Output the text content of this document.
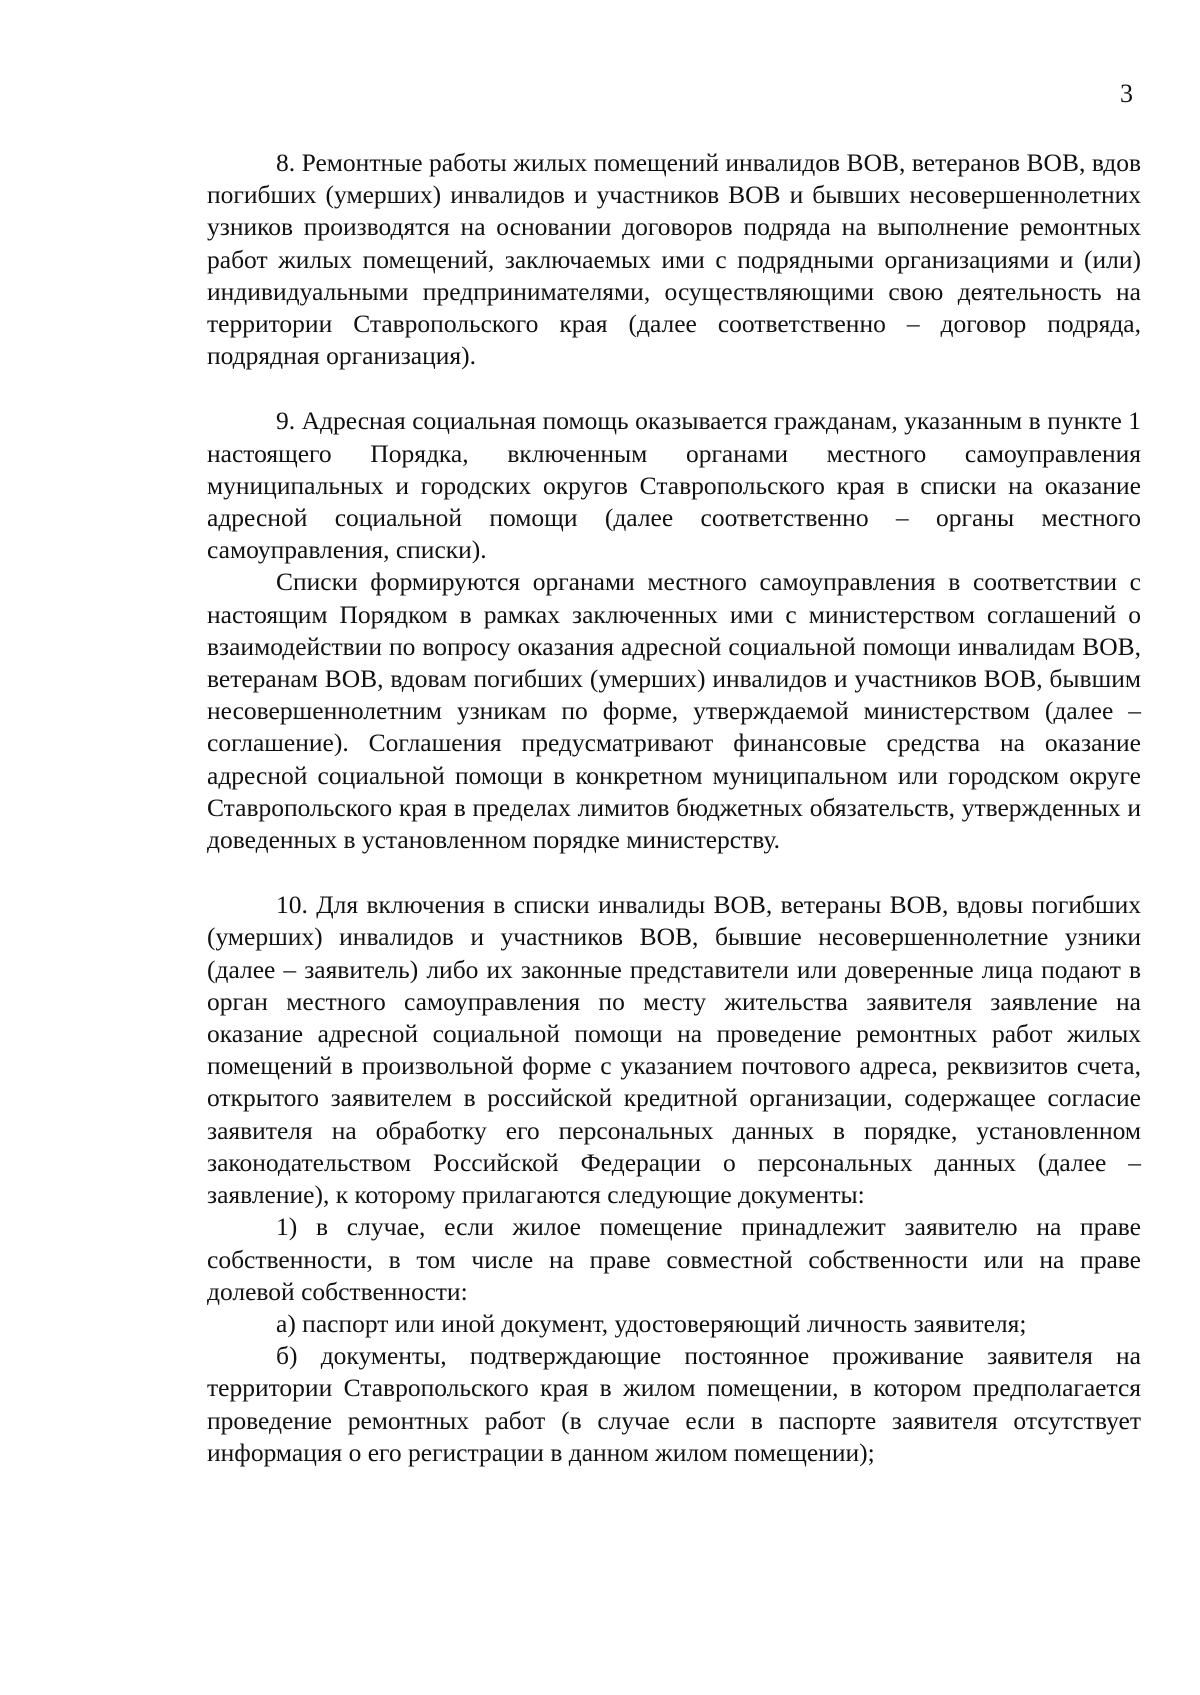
3

8. Ремонтные работы жилых помещений инвалидов ВОВ, ветеранов ВОВ, вдов погибших (умерших) инвалидов и участников ВОВ и бывших несовершеннолетних узников производятся на основании договоров подряда на выполнение ремонтных работ жилых помещений, заключаемых ими с подрядными организациями и (или) индивидуальными предпринимателями, осуществляющими свою деятельность на территории Ставропольского края (далее соответственно – договор подряда, подрядная организация).

9. Адресная социальная помощь оказывается гражданам, указанным в пункте 1 настоящего Порядка, включенным органами местного самоуправления муниципальных и городских округов Ставропольского края в списки на оказание адресной социальной помощи (далее соответственно – органы местного самоуправления, списки).

Списки формируются органами местного самоуправления в соответствии с настоящим Порядком в рамках заключенных ими с министерством соглашений о взаимодействии по вопросу оказания адресной социальной помощи инвалидам ВОВ, ветеранам ВОВ, вдовам погибших (умерших) инвалидов и участников ВОВ, бывшим несовершеннолетним узникам по форме, утверждаемой министерством (далее – соглашение). Соглашения предусматривают финансовые средства на оказание адресной социальной помощи в конкретном муниципальном или городском округе Ставропольского края в пределах лимитов бюджетных обязательств, утвержденных и доведенных в установленном порядке министерству.

10. Для включения в списки инвалиды ВОВ, ветераны ВОВ, вдовы погибших (умерших) инвалидов и участников ВОВ, бывшие несовершеннолетние узники (далее – заявитель) либо их законные представители или доверенные лица подают в орган местного самоуправления по месту жительства заявителя заявление на оказание адресной социальной помощи на проведение ремонтных работ жилых помещений в произвольной форме с указанием почтового адреса, реквизитов счета, открытого заявителем в российской кредитной организации, содержащее согласие заявителя на обработку его персональных данных в порядке, установленном законодательством Российской Федерации о персональных данных (далее – заявление), к которому прилагаются следующие документы:

1) в случае, если жилое помещение принадлежит заявителю на праве собственности, в том числе на праве совместной собственности или на праве долевой собственности:

а) паспорт или иной документ, удостоверяющий личность заявителя;

б) документы, подтверждающие постоянное проживание заявителя на территории Ставропольского края в жилом помещении, в котором предполагается проведение ремонтных работ (в случае если в паспорте заявителя отсутствует информация о его регистрации в данном жилом помещении);
